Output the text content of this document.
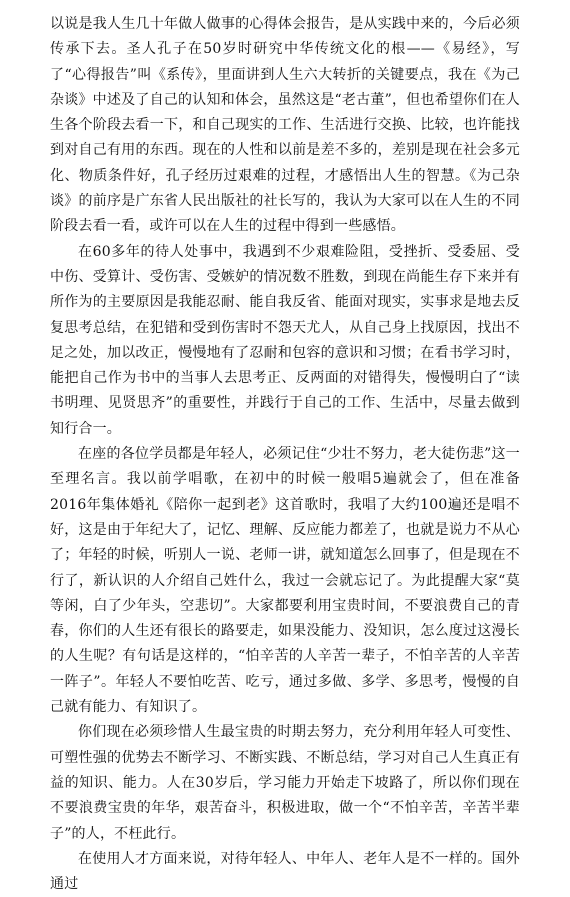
以说是我人生几十年做人做事的心得体会报告，是从实践中来的，今后必须传承下去。圣人孔子在50岁时研究中华传统文化的根——《易经》，写了“心得报告”叫《系传》，里面讲到人生六大转折的关键要点，我在《为己杂谈》中述及了自己的认知和体会，虽然这是“老古董”，但也希望你们在人生各个阶段去看一下，和自己现实的工作、生活进行交换、比较，也许能找到对自己有用的东西。现在的人性和以前是差不多的，差别是现在社会多元化、物质条件好，孔子经历过艰难的过程，才感悟出人生的智慧。《为己杂谈》的前序是广东省人民出版社的社长写的，我认为大家可以在人生的不同阶段去看一看，或许可以在人生的过程中得到一些感悟。

在60多年的待人处事中，我遇到不少艰难险阻，受挫折、受委屈、受中伤、受算计、受伤害、受嫉妒的情况数不胜数，到现在尚能生存下来并有所作为的主要原因是我能忍耐、能自我反省、能面对现实，实事求是地去反复思考总结，在犯错和受到伤害时不怨天尤人，从自己身上找原因，找出不足之处，加以改正，慢慢地有了忍耐和包容的意识和习惯；在看书学习时，能把自己作为书中的当事人去思考正、反两面的对错得失，慢慢明白了“读书明理、见贤思齐”的重要性，并践行于自己的工作、生活中，尽量去做到知行合一。

在座的各位学员都是年轻人，必须记住“少壮不努力，老大徒伤悲”这一至理名言。我以前学唱歌，在初中的时候一般唱5遍就会了，但在准备2016年集体婚礼《陪你一起到老》这首歌时，我唱了大约100遍还是唱不好，这是由于年纪大了，记忆、理解、反应能力都差了，也就是说力不从心了；年轻的时候，听别人一说、老师一讲，就知道怎么回事了，但是现在不行了，新认识的人介绍自己姓什么，我过一会就忘记了。为此提醒大家“莫等闲，白了少年头，空悲切”。大家都要利用宝贵时间，不要浪费自己的青春，你们的人生还有很长的路要走，如果没能力、没知识，怎么度过这漫长的人生呢？有句话是这样的，“怕辛苦的人辛苦一辈子，不怕辛苦的人辛苦一阵子”。年轻人不要怕吃苦、吃亏，通过多做、多学、多思考，慢慢的自己就有能力、有知识了。

你们现在必须珍惜人生最宝贵的时期去努力，充分利用年轻人可变性、可塑性强的优势去不断学习、不断实践、不断总结，学习对自己人生真正有益的知识、能力。人在30岁后，学习能力开始走下坡路了，所以你们现在不要浪费宝贵的年华，艰苦奋斗，积极进取，做一个“不怕辛苦，辛苦半辈子”的人，不枉此行。

在使用人才方面来说，对待年轻人、中年人、老年人是不一样的。国外通过
